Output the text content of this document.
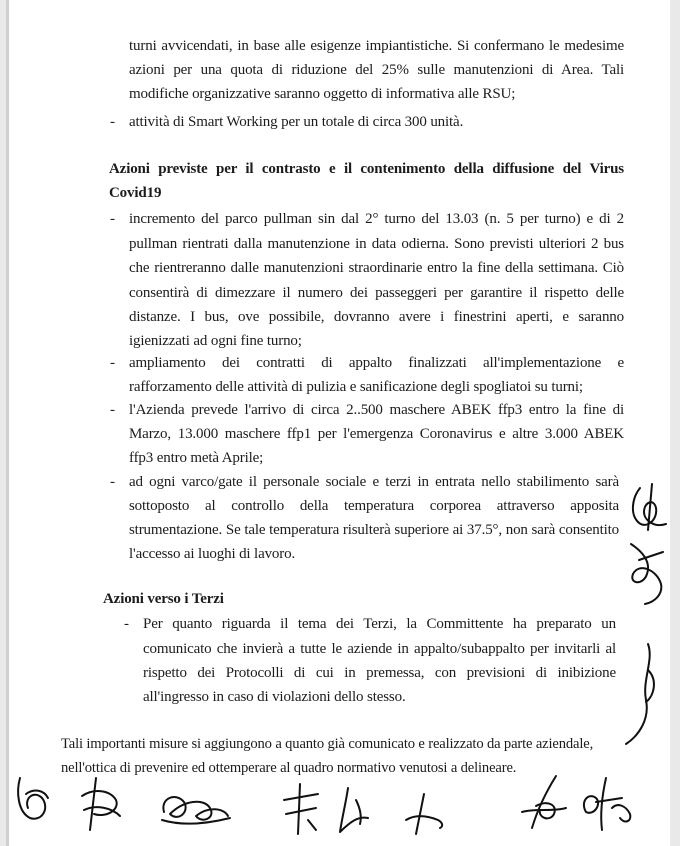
turni avvicendati, in base alle esigenze impiantistiche. Si confermano le medesime
azioni per una quota di riduzione del 25% sulle manutenzioni di Area. Tali
modifiche organizzative saranno oggetto di informativa alle RSU;
- attività di Smart Working per un totale di circa 300 unità.
Azioni previste per il contrasto e il contenimento della diffusione del Virus
Covid19
- incremento del parco pullman sin dal 2° turno del 13.03 (n. 5 per turno) e di 2
pullman rientrati dalla manutenzione in data odierna. Sono previsti ulteriori 2 bus
che rientreranno dalle manutenzioni straordinarie entro la fine della settimana. Ciò
consentirà di dimezzare il numero dei passeggeri per garantire il rispetto delle
distanze. I bus, ove possibile, dovranno avere i finestrini aperti, e saranno
igienizzati ad ogni fine turno;
- ampliamento dei contratti di appalto finalizzati all'implementazione e
rafforzamento delle attività di pulizia e sanificazione degli spogliatoi su turni;
- l'Azienda prevede l'arrivo di circa 2..500 maschere ABEK ffp3 entro la fine di
Marzo, 13.000 maschere ffp1 per l'emergenza Coronavirus e altre 3.000 ABEK
ffp3 entro metà Aprile;
- ad ogni varco/gate il personale sociale e terzi in entrata nello stabilimento sarà
sottoposto al controllo della temperatura corporea attraverso apposita
strumentazione. Se tale temperatura risulterà superiore ai 37.5°, non sarà consentito
l'accesso ai luoghi di lavoro.
Azioni verso i Terzi
- Per quanto riguarda il tema dei Terzi, la Committente ha preparato un
comunicato che invierà a tutte le aziende in appalto/subappalto per invitarli al
rispetto dei Protocolli di cui in premessa, con previsioni di inibizione
all'ingresso in caso di violazioni dello stesso.
Tali importanti misure si aggiungono a quanto già comunicato e realizzato da parte aziendale,
nell'ottica di prevenire ed ottemperare al quadro normativo venutosi a delineare.
